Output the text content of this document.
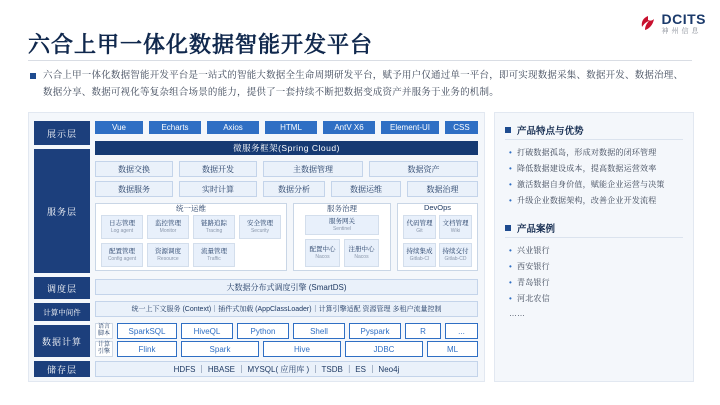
DCITS
神州信息
六合上甲一体化数据智能开发平台

六合上甲一体化数据智能开发平台是一站式的智能大数据全生命周期研发平台，赋予用户仅通过单一平台，即可实现数据采集、数据开发、数据治理、数据分享、数据可视化等复杂组合场景的能力，提供了一套持续不断把数据变成资产并服务于业务的机制。

展示层
服务层
调度层
计算中间件
数据计算
储存层
Vue	Echarts	Axios	HTML	AntV X6	Element-UI	CSS
微服务框架(Spring Cloud)
数据交换	数据开发	主数据管理	数据资产
数据服务	实时计算	数据分析	数据运维	数据治理
统一运维
日志管理
Log agent
监控管理
Monitor
链路追踪
Tracing
安全管理
Security
配置管理
Config agent
资源调度
Resource
流量管理
Traffic
服务治理
服务网关
Sentinel
配置中心
Nacos
注册中心
Nacos
DevOps
代码管理
Git
文档管理
Wiki
持续集成
Gitlab-CI
持续交付
Gitlab-CD
大数据分布式调度引擎 (SmartDS)
统一上下文服务 (Context)｜插件式加载 (AppClassLoader)｜计算引擎适配 资源管理 多租户流量控制
语言脚本
计算引擎
SparkSQL	HiveQL	Python	Shell	Pyspark	R	...
Flink	Spark	Hive	JDBC	ML
HDFS ｜ HBASE ｜ MYSQL( 应用库 ) ｜ TSDB ｜ ES ｜ Neo4j
产品特点与优势
• 打破数据孤岛，形成对数据的闭环管理
• 降低数据建设成本，提高数据运营效率
• 激活数据自身价值，赋能企业运营与决策
• 升级企业数据架构，改善企业开发流程
产品案例
• 兴业银行
• 西安银行
• 青岛银行
• 河北农信
……
